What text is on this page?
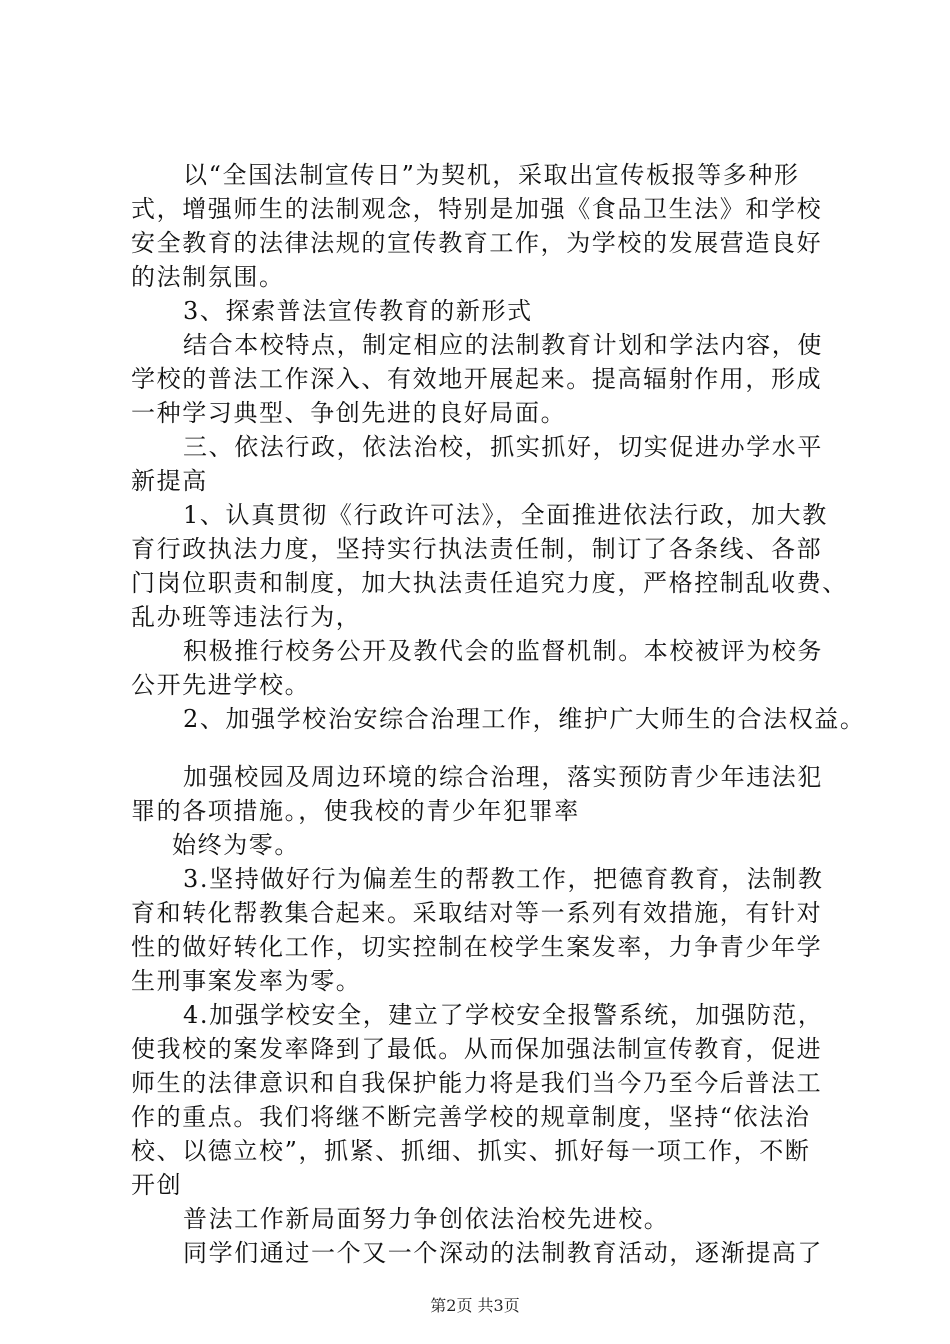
以“全国法制宣传日”为契机，采取出宣传板报等多种形
式，增强师生的法制观念，特别是加强《食品卫生法》和学校
安全教育的法律法规的宣传教育工作，为学校的发展营造良好
的法制氛围。
3、探索普法宣传教育的新形式
结合本校特点，制定相应的法制教育计划和学法内容，使
学校的普法工作深入、有效地开展起来。提高辐射作用，形成
一种学习典型、争创先进的良好局面。
三、依法行政，依法治校，抓实抓好，切实促进办学水平
新提高
1、认真贯彻《行政许可法》，全面推进依法行政，加大教
育行政执法力度，坚持实行执法责任制，制订了各条线、各部
门岗位职责和制度，加大执法责任追究力度，严格控制乱收费、
乱办班等违法行为，
积极推行校务公开及教代会的监督机制。本校被评为校务
公开先进学校。
2、加强学校治安综合治理工作，维护广大师生的合法权益。
加强校园及周边环境的综合治理，落实预防青少年违法犯
罪的各项措施。，使我校的青少年犯罪率
始终为零。
3.坚持做好行为偏差生的帮教工作，把德育教育，法制教
育和转化帮教集合起来。采取结对等一系列有效措施，有针对
性的做好转化工作，切实控制在校学生案发率，力争青少年学
生刑事案发率为零。
4.加强学校安全，建立了学校安全报警系统，加强防范，
使我校的案发率降到了最低。从而保加强法制宣传教育，促进
师生的法律意识和自我保护能力将是我们当今乃至今后普法工
作的重点。我们将继不断完善学校的规章制度，坚持“依法治
校、以德立校”，抓紧、抓细、抓实、抓好每一项工作，不断
开创
普法工作新局面努力争创依法治校先进校。
同学们通过一个又一个深动的法制教育活动，逐渐提高了
第2页 共3页
